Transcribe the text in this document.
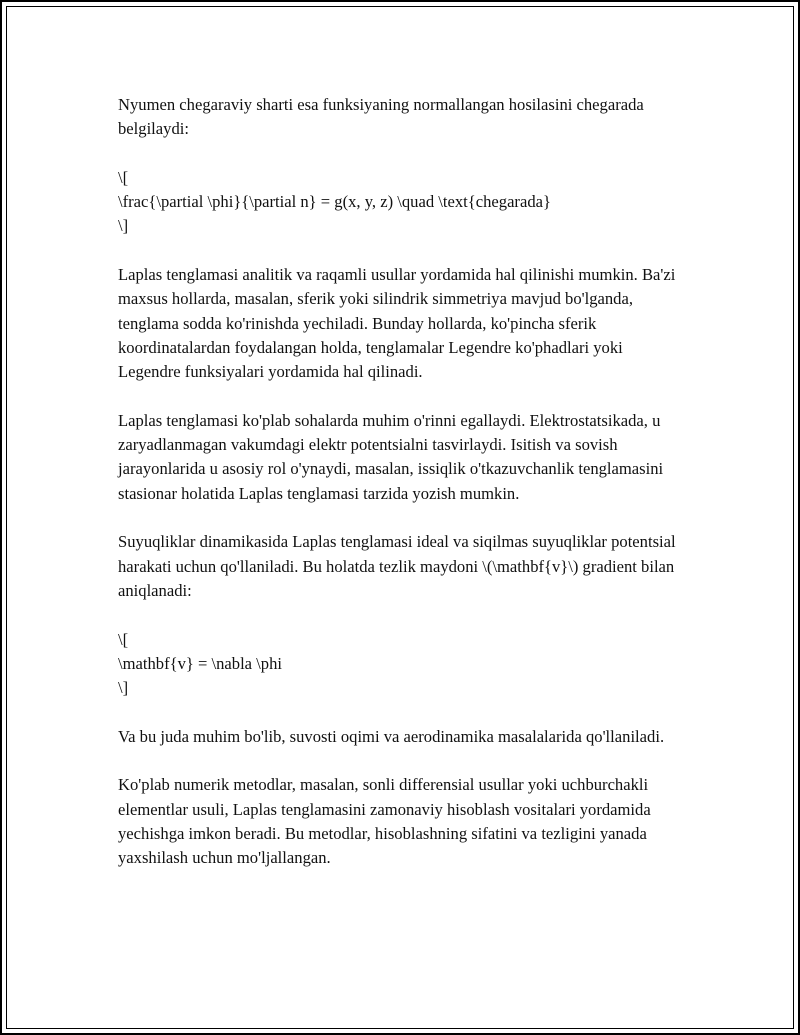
Nyumen chegaraviy sharti esa funksiyaning normallangan hosilasini chegarada belgilaydi:

\[
\frac{\partial \phi}{\partial n} = g(x, y, z) \quad \text{chegarada}
\]

Laplas tenglamasi analitik va raqamli usullar yordamida hal qilinishi mumkin. Ba'zi maxsus hollarda, masalan, sferik yoki silindrik simmetriya mavjud bo'lganda, tenglama sodda ko'rinishda yechiladi. Bunday hollarda, ko'pincha sferik koordinatalardan foydalangan holda, tenglamalar Legendre ko'phadlari yoki Legendre funksiyalari yordamida hal qilinadi.

Laplas tenglamasi ko'plab sohalarda muhim o'rinni egallaydi. Elektrostatsikada, u zaryadlanmagan vakumdagi elektr potentsialni tasvirlaydi. Isitish va sovish jarayonlarida u asosiy rol o'ynaydi, masalan, issiqlik o'tkazuvchanlik tenglamasini stasionar holatida Laplas tenglamasi tarzida yozish mumkin.

Suyuqliklar dinamikasida Laplas tenglamasi ideal va siqilmas suyuqliklar potentsial harakati uchun qo'llaniladi. Bu holatda tezlik maydoni \(\mathbf{v}\) gradient bilan aniqlanadi:

\[
\mathbf{v} = \nabla \phi
\]

Va bu juda muhim bo'lib, suvosti oqimi va aerodinamika masalalarida qo'llaniladi.

Ko'plab numerik metodlar, masalan, sonli differensial usullar yoki uchburchakli elementlar usuli, Laplas tenglamasini zamonaviy hisoblash vositalari yordamida yechishga imkon beradi. Bu metodlar, hisoblashning sifatini va tezligini yanada yaxshilash uchun mo'ljallangan.
